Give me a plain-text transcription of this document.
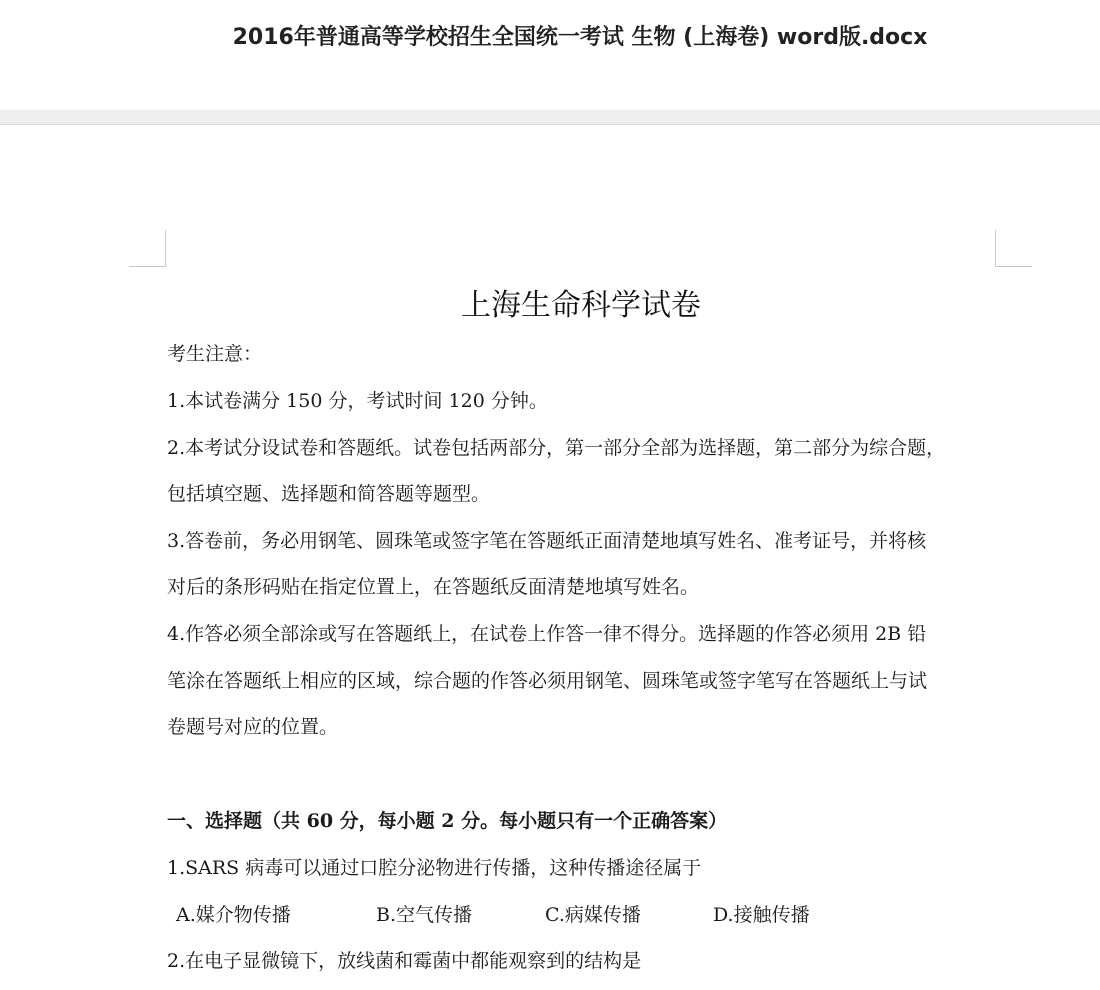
2016年普通高等学校招生全国统一考试 生物 (上海卷) word版.docx
上海生命科学试卷
考生注意：
1.本试卷满分 150 分，考试时间 120 分钟。
2.本考试分设试卷和答题纸。试卷包括两部分，第一部分全部为选择题，第二部分为综合题，
包括填空题、选择题和简答题等题型。
3.答卷前，务必用钢笔、圆珠笔或签字笔在答题纸正面清楚地填写姓名、准考证号，并将核
对后的条形码贴在指定位置上，在答题纸反面清楚地填写姓名。
4.作答必须全部涂或写在答题纸上，在试卷上作答一律不得分。选择题的作答必须用 2B 铅
笔涂在答题纸上相应的区域，综合题的作答必须用钢笔、圆珠笔或签字笔写在答题纸上与试
卷题号对应的位置。
一、选择题（共 60 分，每小题 2 分。每小题只有一个正确答案）
1.SARS 病毒可以通过口腔分泌物进行传播，这种传播途径属于
A.媒介物传播	B.空气传播	C.病媒传播	D.接触传播
2.在电子显微镜下，放线菌和霉菌中都能观察到的结构是
